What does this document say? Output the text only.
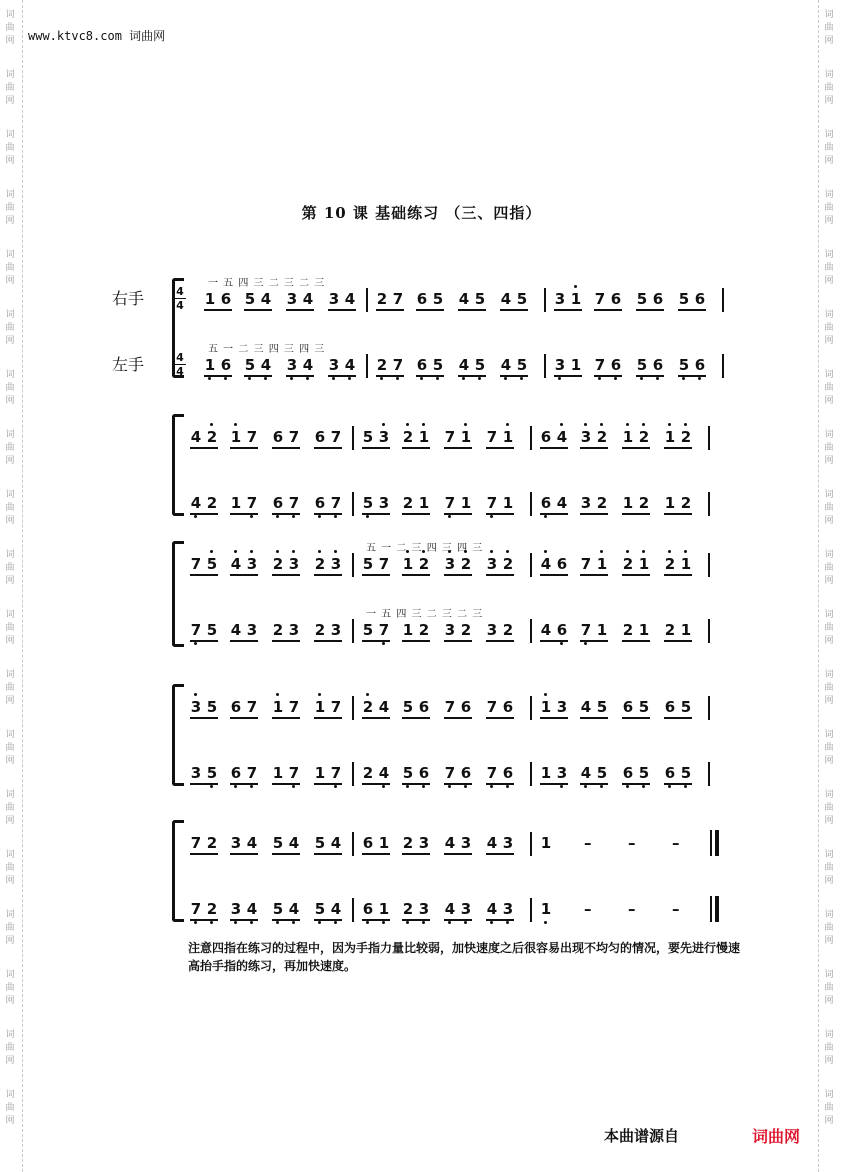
词
曲
网
词
曲
网
词
曲
网
词
曲
网
词
曲
网
词
曲
网
词
曲
网
词
曲
网
词
曲
网
词
曲
网
词
曲
网
词
曲
网
词
曲
网
词
曲
网
词
曲
网
词
曲
网
词
曲
网
词
曲
网
词
曲
网
词
曲
网
词
曲
网
词
曲
网
词
曲
网
词
曲
网
词
曲
网
词
曲
网
词
曲
网
词
曲
网
词
曲
网
词
曲
网
词
曲
网
词
曲
网
词
曲
网
词
曲
网
词
曲
网
词
曲
网
词
曲
网
词
曲
网
www.ktvc8.com 词曲网
第 10 课 基础练习 （三、四指）
右手
左手
4
4 1 6 5 4 3 4 3 4 2 7 6 5 4 5 4 5 3 1 7 6 5 6 5 6
一 五 四 三 二 三 二 三
4
4 1 6 5 4 3 4 3 4 2 7 6 5 4 5 4 5 3 1 7 6 5 6 5 6
五 一 二 三 四 三 四 三
4 2 1 7 6 7 6 7 5 3 2 1 7 1 7 1 6 4 3 2 1 2 1 2
4 2 1 7 6 7 6 7 5 3 2 1 7 1 7 1 6 4 3 2 1 2 1 2
7 5 4 3 2 3 2 3 5 7 1 2 3 2 3 2 4 6 7 1 2 1 2 1
五 一 二 三 四 三 四 三
7 5 4 3 2 3 2 3 5 7 1 2 3 2 3 2 4 6 7 1 2 1 2 1
一 五 四 三 二 三 二 三
3 5 6 7 1 7 1 7 2 4 5 6 7 6 7 6 1 3 4 5 6 5 6 5
3 5 6 7 1 7 1 7 2 4 5 6 7 6 7 6 1 3 4 5 6 5 6 5
7 2 3 4 5 4 5 4 6 1 2 3 4 3 4 3 1 – – –
7 2 3 4 5 4 5 4 6 1 2 3 4 3 4 3 1 – – –
注意四指在练习的过程中，因为手指力量比较弱，加快速度之后很容易出现不均匀的情况，要先进行慢速高抬手指的练习，再加快速度。
本曲谱源自	词曲网
